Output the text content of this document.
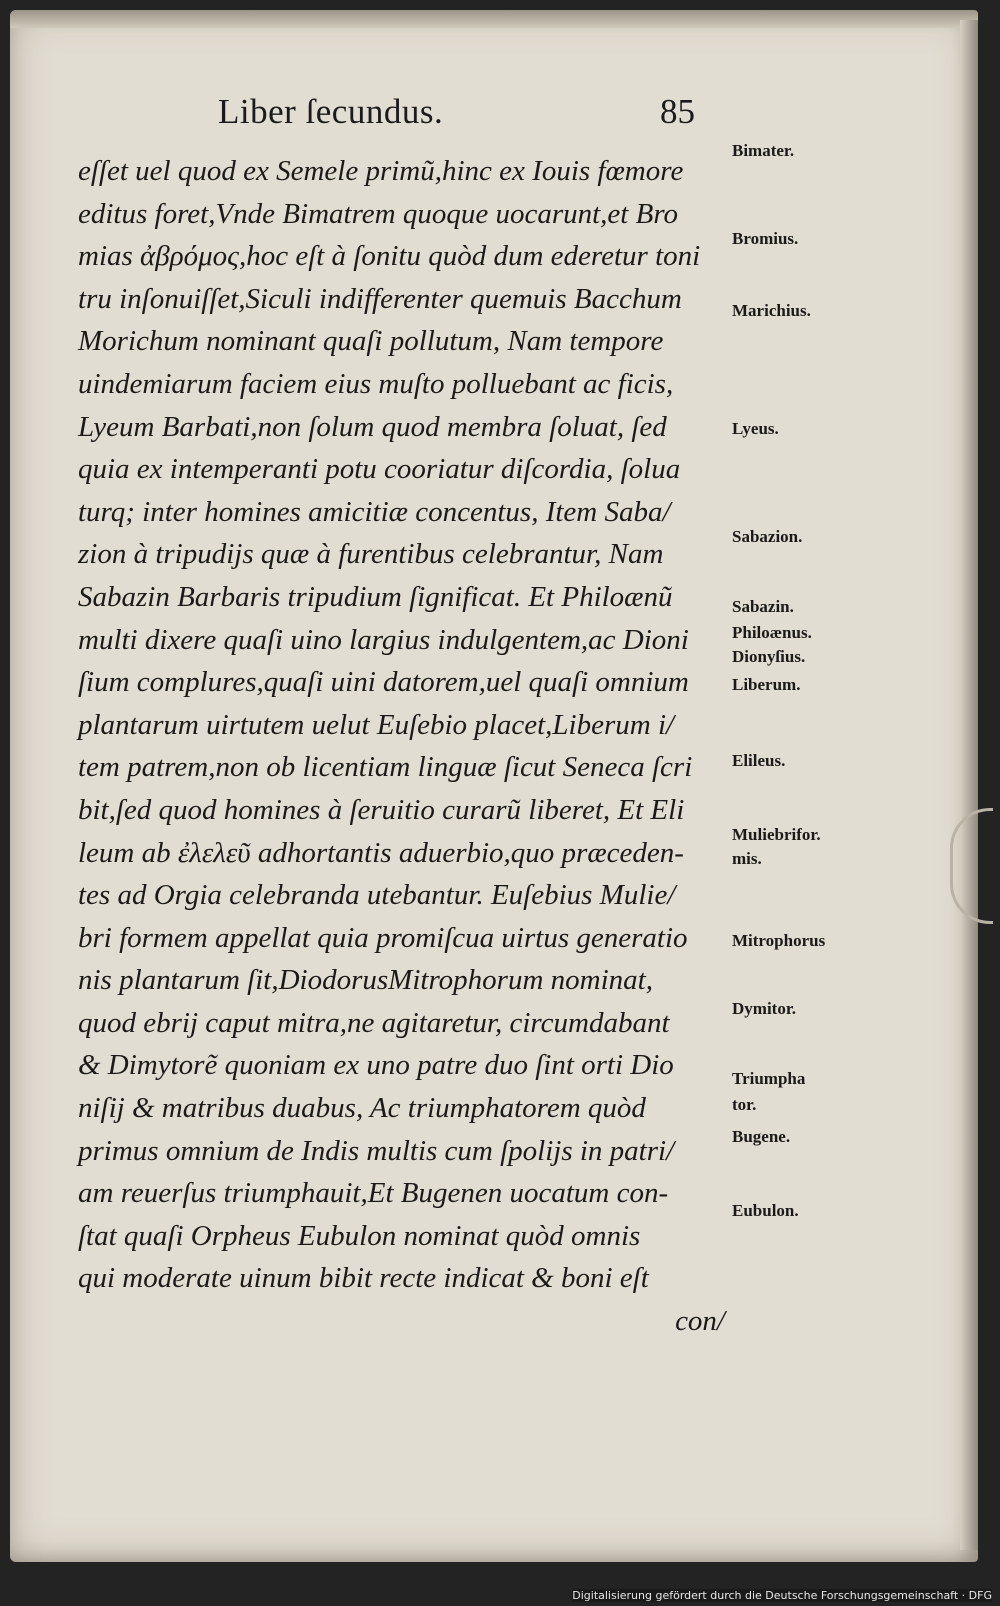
Liber ſecundus.	85
eſſet uel quod ex Semele primũ,hinc ex Iouis fœmore
editus foret,Vnde Bimatrem quoque uocarunt,et Bro
mias ἀβρόμος,hoc eſt à ſonitu quòd dum ederetur toni
tru inſonuiſſet,Siculi indifferenter quemuis Bacchum
Morichum nominant quaſi pollutum, Nam tempore
uindemiarum faciem eius muſto polluebant ac ficis,
Lyeum Barbati,non ſolum quod membra ſoluat, ſed
quia ex intemperanti potu cooriatur diſcordia, ſolua
turq; inter homines amicitiæ concentus, Item Saba/
zion à tripudijs quæ à furentibus celebrantur, Nam
Sabazin Barbaris tripudium ſignificat. Et Philoænũ
multi dixere quaſi uino largius indulgentem,ac Dioni
ſium complures,quaſi uini datorem,uel quaſi omnium
plantarum uirtutem uelut Euſebio placet,Liberum i/
tem patrem,non ob licentiam linguæ ſicut Seneca ſcri
bit,ſed quod homines à ſeruitio curarũ liberet, Et Eli
leum ab ἐλελεῦ adhortantis aduerbio,quo præceden-
tes ad Orgia celebranda utebantur. Euſebius Mulie/
bri formem appellat quia promiſcua uirtus generatio
nis plantarum ſit,DiodorusMitrophorum nominat,
quod ebrij caput mitra,ne agitaretur, circumdabant
& Dimytorẽ quoniam ex uno patre duo ſint orti Dio
niſij & matribus duabus, Ac triumphatorem quòd
primus omnium de Indis multis cum ſpolijs in patri/
am reuerſus triumphauit,Et Bugenen uocatum con-
ſtat quaſi Orpheus Eubulon nominat quòd omnis
qui moderate uinum bibit recte indicat & boni eſt
con/
Bimater.
Bromius.
Marichius.
Lyeus.
Sabazion.
Sabazin.
Philoænus.
Dionyſius.
Liberum.
Elileus.
Muliebrifor.
mis.
Mitrophorus
Dymitor.
Triumpha
tor.
Bugene.
Eubulon.
Digitalisierung gefördert durch die Deutsche Forschungsgemeinschaft · DFG
